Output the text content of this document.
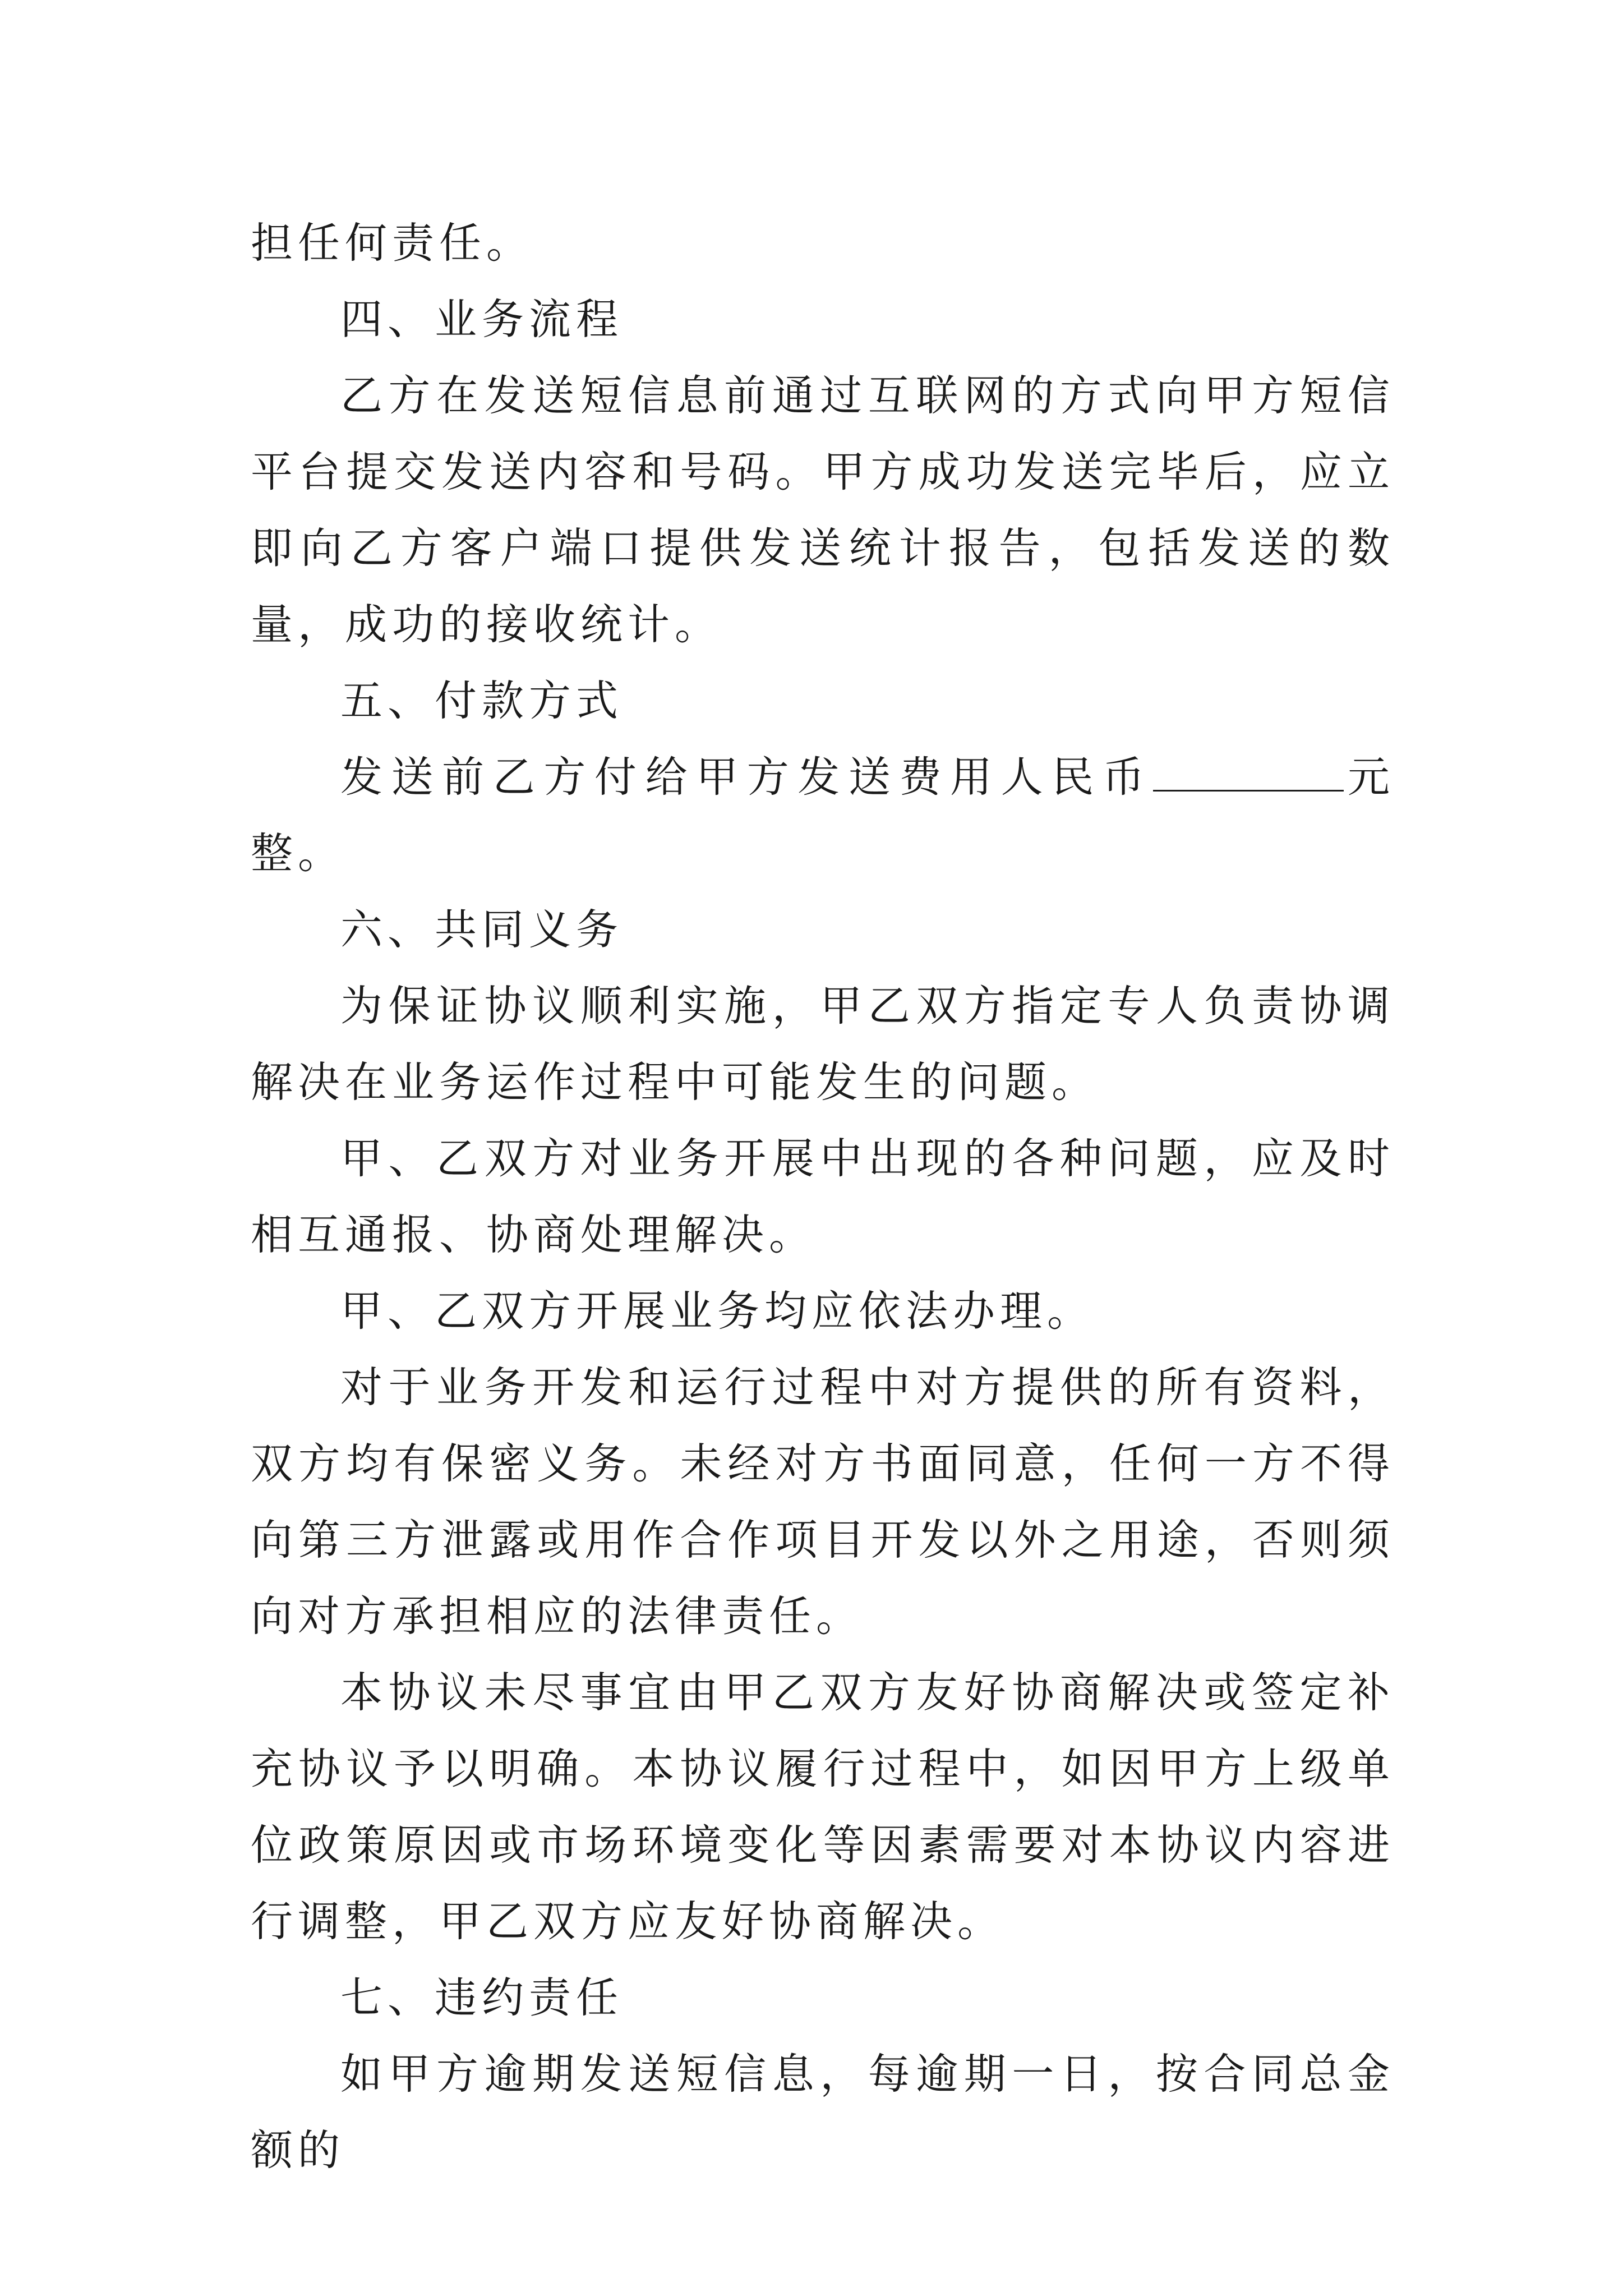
担任何责任。

四、业务流程

乙方在发送短信息前通过互联网的方式向甲方短信平台提交发送内容和号码。甲方成功发送完毕后，应立即向乙方客户端口提供发送统计报告，包括发送的数量，成功的接收统计。

五、付款方式

发送前乙方付给甲方发送费用人民币	元整。

六、共同义务

为保证协议顺利实施，甲乙双方指定专人负责协调解决在业务运作过程中可能发生的问题。

甲、乙双方对业务开展中出现的各种问题，应及时相互通报、协商处理解决。

甲、乙双方开展业务均应依法办理。

对于业务开发和运行过程中对方提供的所有资料，双方均有保密义务。未经对方书面同意，任何一方不得向第三方泄露或用作合作项目开发以外之用途，否则须向对方承担相应的法律责任。

本协议未尽事宜由甲乙双方友好协商解决或签定补充协议予以明确。本协议履行过程中，如因甲方上级单位政策原因或市场环境变化等因素需要对本协议内容进行调整，甲乙双方应友好协商解决。

七、违约责任

如甲方逾期发送短信息，每逾期一日，按合同总金额的
